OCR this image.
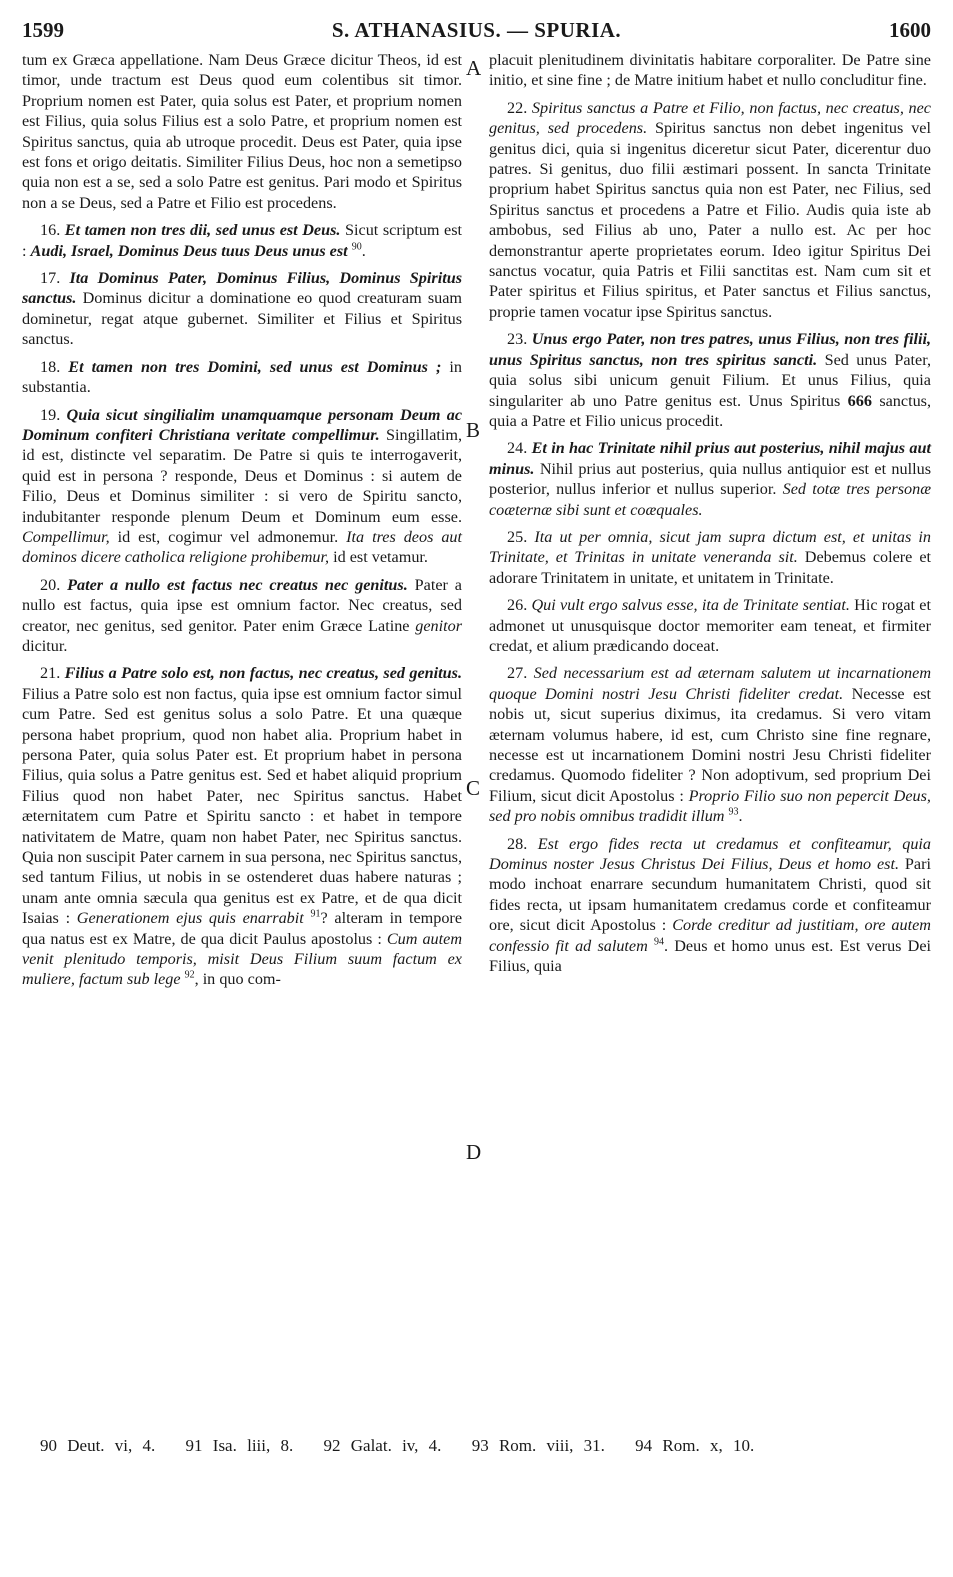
1599	S. ATHANASIUS. — SPURIA.	1600
A
B
C
D

tum ex Græca appellatione. Nam Deus Græce dicitur Theos, id est timor, unde tractum est Deus quod eum colentibus sit timor. Proprium nomen est Pater, quia solus est Pater, et proprium nomen est Filius, quia solus Filius est a solo Patre, et proprium nomen est Spiritus sanctus, quia ab utroque procedit. Deus est Pater, quia ipse est fons et origo deitatis. Similiter Filius Deus, hoc non a semetipso quia non est a se, sed a solo Patre est genitus. Pari modo et Spiritus non a se Deus, sed a Patre et Filio est procedens.

16. Et tamen non tres dii, sed unus est Deus. Sicut scriptum est : Audi, Israel, Dominus Deus tuus Deus unus est $^{90}$.

17. Ita Dominus Pater, Dominus Filius, Dominus Spiritus sanctus. Dominus dicitur a dominatione eo quod creaturam suam dominetur, regat atque gubernet. Similiter et Filius et Spiritus sanctus.

18. Et tamen non tres Domini, sed unus est Dominus ; in substantia.

19. Quia sicut singilialim unamquamque personam Deum ac Dominum confiteri Christiana veritate compellimur. Singillatim, id est, distincte vel separatim. De Patre si quis te interrogaverit, quid est in persona ? responde, Deus et Dominus : si autem de Filio, Deus et Dominus similiter : si vero de Spiritu sancto, indubitanter responde plenum Deum et Dominum eum esse. Compellimur, id est, cogimur vel admonemur. Ita tres deos aut dominos dicere catholica religione prohibemur, id est vetamur.

20. Pater a nullo est factus nec creatus nec genitus. Pater a nullo est factus, quia ipse est omnium factor. Nec creatus, sed creator, nec genitus, sed genitor. Pater enim Græce Latine genitor dicitur.

21. Filius a Patre solo est, non factus, nec creatus, sed genitus. Filius a Patre solo est non factus, quia ipse est omnium factor simul cum Patre. Sed est genitus solus a solo Patre. Et una quæque persona habet proprium, quod non habet alia. Proprium habet in persona Pater, quia solus Pater est. Et proprium habet in persona Filius, quia solus a Patre genitus est. Sed et habet aliquid proprium Filius quod non habet Pater, nec Spiritus sanctus. Habet æternitatem cum Patre et Spiritu sancto : et habet in tempore nativitatem de Matre, quam non habet Pater, nec Spiritus sanctus. Quia non suscipit Pater carnem in sua persona, nec Spiritus sanctus, sed tantum Filius, ut nobis in se ostenderet duas habere naturas ; unam ante omnia sæcula qua genitus est ex Patre, et de qua dicit Isaias : Generationem ejus quis enarrabit $^{91}$? alteram in tempore qua natus est ex Matre, de qua dicit Paulus apostolus : Cum autem venit plenitudo temporis, misit Deus Filium suum factum ex muliere, factum sub lege $^{92}$, in quo com-

placuit plenitudinem divinitatis habitare corporaliter. De Patre sine initio, et sine fine ; de Matre initium habet et nullo concluditur fine.

22. Spiritus sanctus a Patre et Filio, non factus, nec creatus, nec genitus, sed procedens. Spiritus sanctus non debet ingenitus vel genitus dici, quia si ingenitus diceretur sicut Pater, dicerentur duo patres. Si genitus, duo filii æstimari possent. In sancta Trinitate proprium habet Spiritus sanctus quia non est Pater, nec Filius, sed Spiritus sanctus et procedens a Patre et Filio. Audis quia iste ab ambobus, sed Filius ab uno, Pater a nullo est. Ac per hoc demonstrantur aperte proprietates eorum. Ideo igitur Spiritus Dei sanctus vocatur, quia Patris et Filii sanctitas est. Nam cum sit et Pater spiritus et Filius spiritus, et Pater sanctus et Filius sanctus, proprie tamen vocatur ipse Spiritus sanctus.

23. Unus ergo Pater, non tres patres, unus Filius, non tres filii, unus Spiritus sanctus, non tres spiritus sancti. Sed unus Pater, quia solus sibi unicum genuit Filium. Et unus Filius, quia singulariter ab uno Patre genitus est. Unus Spiritus 666 sanctus, quia a Patre et Filio unicus procedit.

24. Et in hac Trinitate nihil prius aut posterius, nihil majus aut minus. Nihil prius aut posterius, quia nullus antiquior est et nullus posterior, nullus inferior et nullus superior. Sed totæ tres personæ coæternæ sibi sunt et coæquales.

25. Ita ut per omnia, sicut jam supra dictum est, et unitas in Trinitate, et Trinitas in unitate veneranda sit. Debemus colere et adorare Trinitatem in unitate, et unitatem in Trinitate.

26. Qui vult ergo salvus esse, ita de Trinitate sentiat. Hic rogat et admonet ut unusquisque doctor memoriter eam teneat, et firmiter credat, et alium prædicando doceat.

27. Sed necessarium est ad æternam salutem ut incarnationem quoque Domini nostri Jesu Christi fideliter credat. Necesse est nobis ut, sicut superius diximus, ita credamus. Si vero vitam æternam volumus habere, id est, cum Christo sine fine regnare, necesse est ut incarnationem Domini nostri Jesu Christi fideliter credamus. Quomodo fideliter ? Non adoptivum, sed proprium Dei Filium, sicut dicit Apostolus : Proprio Filio suo non pepercit Deus, sed pro nobis omnibus tradidit illum $^{93}$.

28. Est ergo fides recta ut credamus et confiteamur, quia Dominus noster Jesus Christus Dei Filius, Deus et homo est. Pari modo inchoat enarrare secundum humanitatem Christi, quod sit fides recta, ut ipsam humanitatem credamus corde et confiteamur ore, sicut dicit Apostolus : Corde creditur ad justitiam, ore autem confessio fit ad salutem $^{94}$. Deus et homo unus est. Est verus Dei Filius, quia

90 Deut. vi, 4. 91 Isa. liii, 8. 92 Galat. iv, 4. 93 Rom. viii, 31. 94 Rom. x, 10.
